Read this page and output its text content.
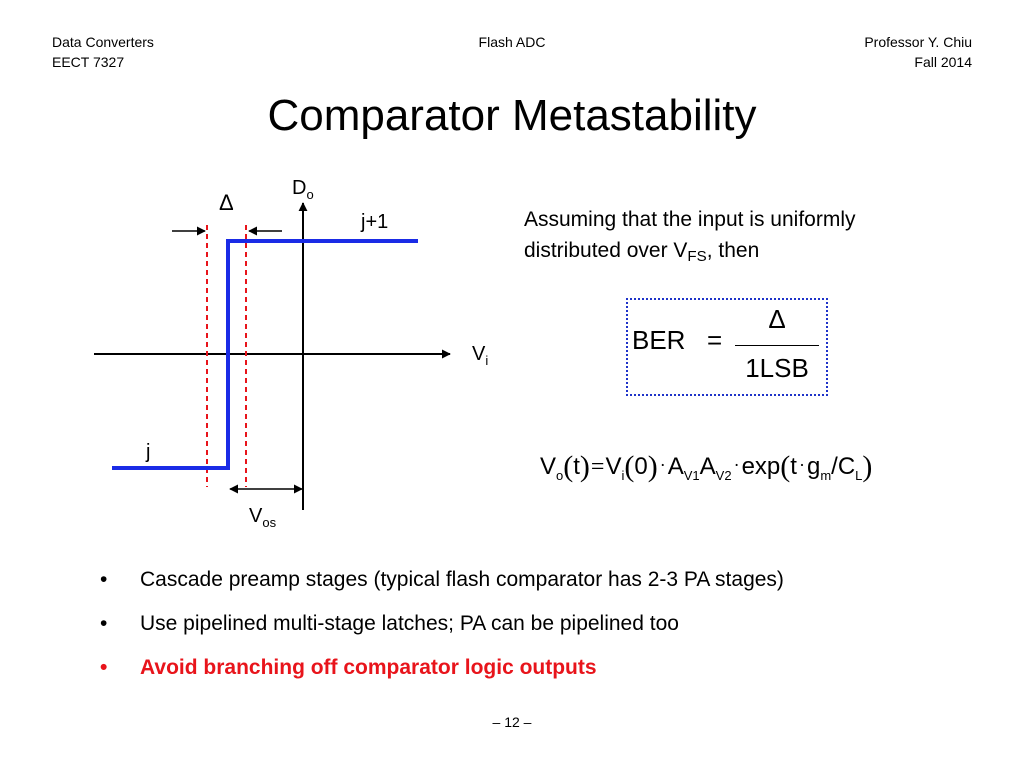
Data Converters
EECT 7327
Flash ADC	Professor Y. Chiu
Fall 2014
Comparator Metastability
$D_o$
Δ
j+1
$V_i$
j
$V_{os}$
Assuming that the input is uniformly
distributed over $V_{FS}$, then
BER =
Δ
1LSB
$V_o(t)=V_i(0) \cdot A_{V1}A_{V2}\cdot\exp(t \cdot g_m/C_L)$
• Cascade preamp stages (typical flash comparator has 2-3 PA stages)
• Use pipelined multi-stage latches; PA can be pipelined too
• Avoid branching off comparator logic outputs
– 12 –
